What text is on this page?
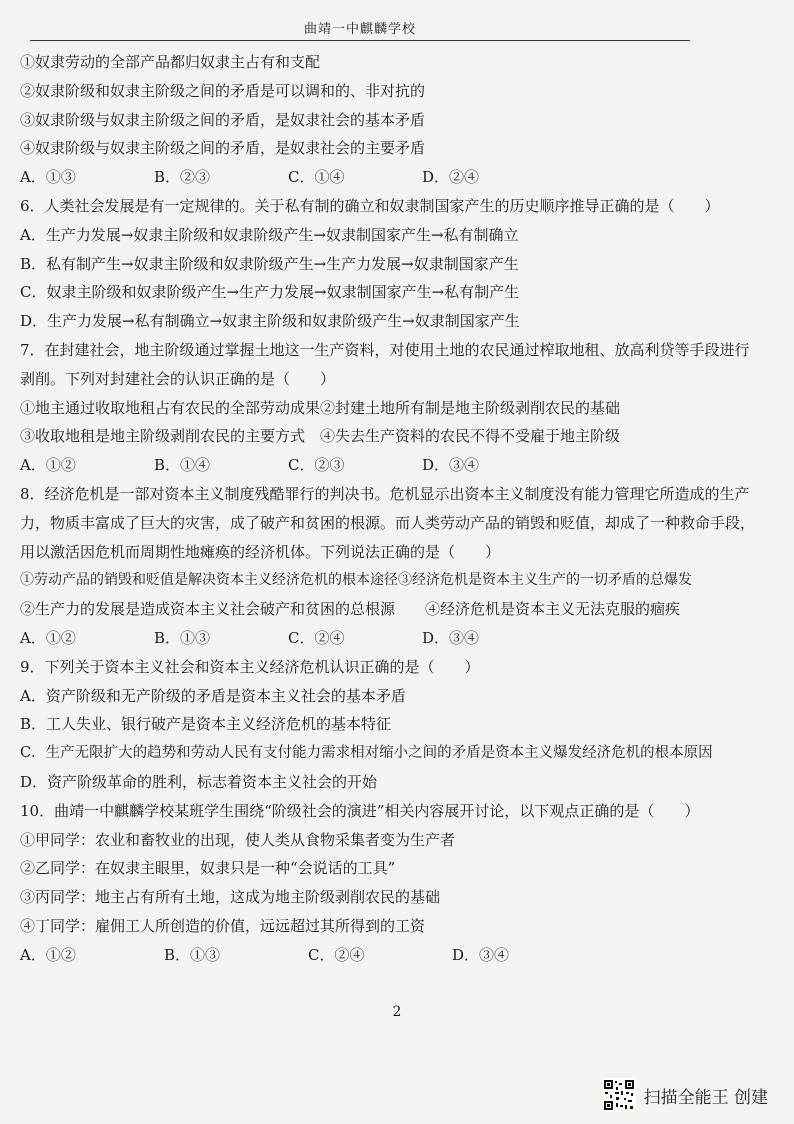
曲靖一中麒麟学校
①奴隶劳动的全部产品都归奴隶主占有和支配
②奴隶阶级和奴隶主阶级之间的矛盾是可以调和的、非对抗的
③奴隶阶级与奴隶主阶级之间的矛盾，是奴隶社会的基本矛盾
④奴隶阶级与奴隶主阶级之间的矛盾，是奴隶社会的主要矛盾
A．①③	B．②③	C．①④	D．②④
6．人类社会发展是有一定规律的。关于私有制的确立和奴隶制国家产生的历史顺序推导正确的是（　　）
A．生产力发展→奴隶主阶级和奴隶阶级产生→奴隶制国家产生→私有制确立
B．私有制产生→奴隶主阶级和奴隶阶级产生→生产力发展→奴隶制国家产生
C．奴隶主阶级和奴隶阶级产生→生产力发展→奴隶制国家产生→私有制产生
D．生产力发展→私有制确立→奴隶主阶级和奴隶阶级产生→奴隶制国家产生
7．在封建社会，地主阶级通过掌握土地这一生产资料，对使用土地的农民通过榨取地租、放高利贷等手段进行
剥削。下列对封建社会的认识正确的是（　　）
①地主通过收取地租占有农民的全部劳动成果②封建土地所有制是地主阶级剥削农民的基础
③收取地租是地主阶级剥削农民的主要方式　④失去生产资料的农民不得不受雇于地主阶级
A．①②	B．①④	C．②③	D．③④
8．经济危机是一部对资本主义制度残酷罪行的判决书。危机显示出资本主义制度没有能力管理它所造成的生产
力，物质丰富成了巨大的灾害，成了破产和贫困的根源。而人类劳动产品的销毁和贬值，却成了一种救命手段，
用以激活因危机而周期性地瘫痪的经济机体。下列说法正确的是（　　）
①劳动产品的销毁和贬值是解决资本主义经济危机的根本途径③经济危机是资本主义生产的一切矛盾的总爆发
②生产力的发展是造成资本主义社会破产和贫困的总根源　　④经济危机是资本主义无法克服的痼疾
A．①②	B．①③	C．②④	D．③④
9．下列关于资本主义社会和资本主义经济危机认识正确的是（　　）
A．资产阶级和无产阶级的矛盾是资本主义社会的基本矛盾
B．工人失业、银行破产是资本主义经济危机的基本特征
C．生产无限扩大的趋势和劳动人民有支付能力需求相对缩小之间的矛盾是资本主义爆发经济危机的根本原因
D．资产阶级革命的胜利，标志着资本主义社会的开始
10．曲靖一中麒麟学校某班学生围绕“阶级社会的演进”相关内容展开讨论，以下观点正确的是（　　）
①甲同学：农业和畜牧业的出现，使人类从食物采集者变为生产者
②乙同学：在奴隶主眼里，奴隶只是一种“会说话的工具”
③丙同学：地主占有所有土地，这成为地主阶级剥削农民的基础
④丁同学：雇佣工人所创造的价值，远远超过其所得到的工资
A．①②	B．①③	C．②④	D．③④
2
扫描全能王 创建
